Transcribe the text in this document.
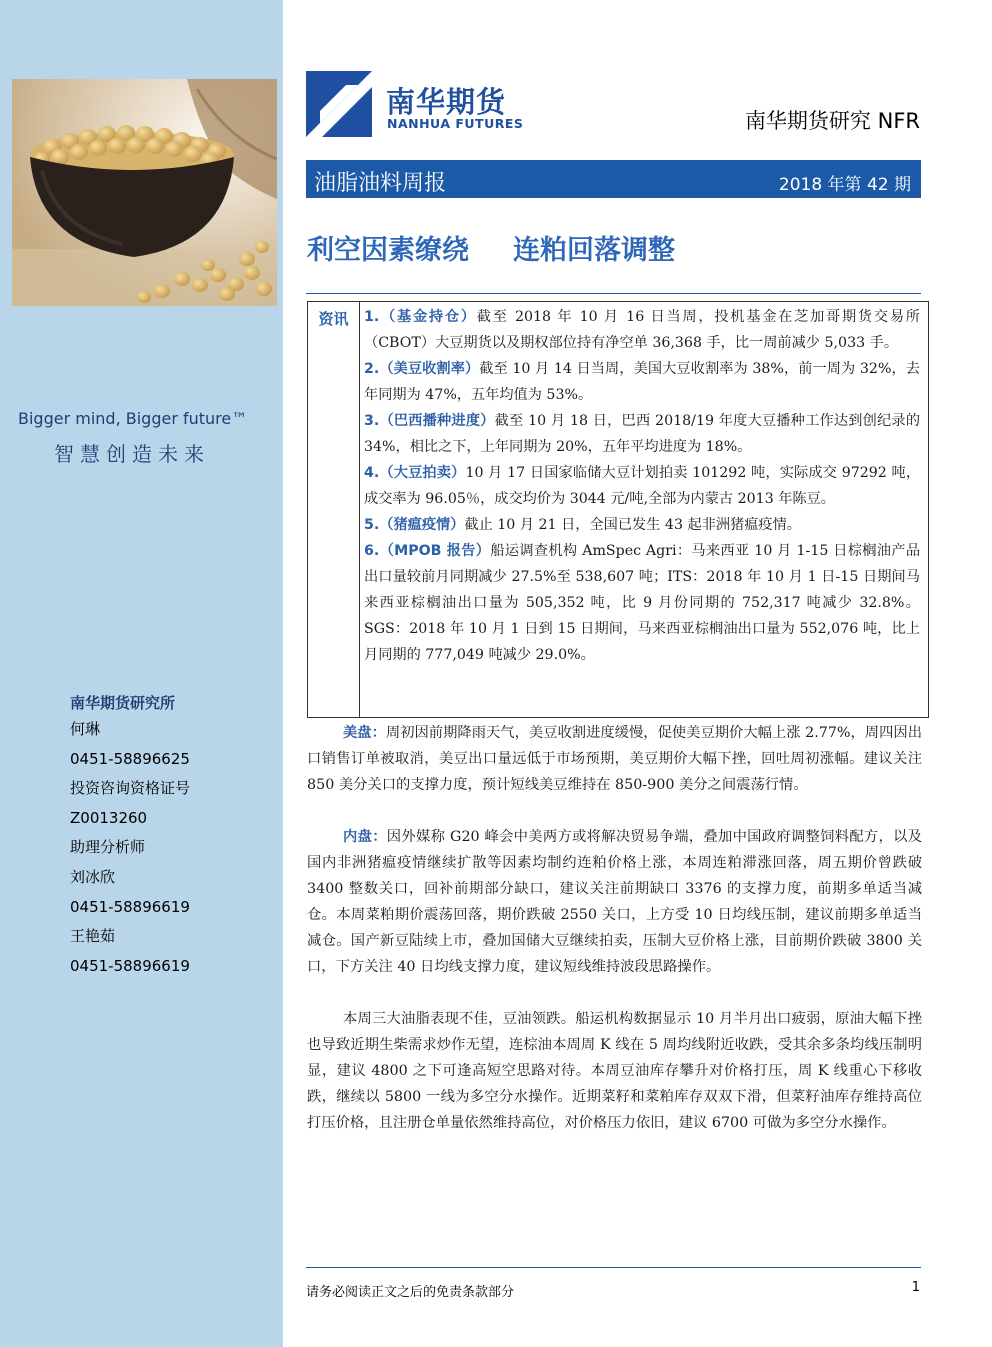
Bigger mind, Bigger future™
智慧创造未来
南华期货研究所
何琳
0451-58896625
投资咨询资格证号
Z0013260
助理分析师
刘冰欣
0451-58896619
王艳茹
0451-58896619
南华期货
NANHUA FUTURES	南华期货研究 NFR
油脂油料周报	2018 年第 42 期
利空因素缭绕 连粕回落调整
资讯	1.（基金持仓）截至 2018 年 10 月 16 日当周，投机基金在芝加哥期货交易所（CBOT）大豆期货以及期权部位持有净空单 36,368 手，比一周前减少 5,033 手。

2.（美豆收割率）截至 10 月 14 日当周，美国大豆收割率为 38%，前一周为 32%，去年同期为 47%，五年均值为 53%。

3.（巴西播种进度）截至 10 月 18 日，巴西 2018/19 年度大豆播种工作达到创纪录的 34%，相比之下，上年同期为 20%，五年平均进度为 18%。

4.（大豆拍卖）10 月 17 日国家临储大豆计划拍卖 101292 吨，实际成交 97292 吨，成交率为 96.05％，成交均价为 3044 元/吨,全部为内蒙古 2013 年陈豆。

5.（猪瘟疫情）截止 10 月 21 日，全国已发生 43 起非洲猪瘟疫情。

6.（MPOB 报告）船运调查机构 AmSpec Agri：马来西亚 10 月 1-15 日棕榈油产品出口量较前月同期减少 27.5%至 538,607 吨；ITS：2018 年 10 月 1 日-15 日期间马来西亚棕榈油出口量为 505,352 吨，比 9 月份同期的 752,317 吨减少 32.8%。SGS：2018 年 10 月 1 日到 15 日期间，马来西亚棕榈油出口量为 552,076 吨，比上月同期的 777,049 吨减少 29.0%。

美盘：周初因前期降雨天气，美豆收割进度缓慢，促使美豆期价大幅上涨 2.77%，周四因出口销售订单被取消，美豆出口量远低于市场预期，美豆期价大幅下挫，回吐周初涨幅。建议关注 850 美分关口的支撑力度，预计短线美豆维持在 850-900 美分之间震荡行情。

内盘：因外媒称 G20 峰会中美两方或将解决贸易争端，叠加中国政府调整饲料配方，以及国内非洲猪瘟疫情继续扩散等因素均制约连粕价格上涨，本周连粕滞涨回落，周五期价曾跌破 3400 整数关口，回补前期部分缺口，建议关注前期缺口 3376 的支撑力度，前期多单适当减仓。本周菜粕期价震荡回落，期价跌破 2550 关口，上方受 10 日均线压制，建议前期多单适当减仓。国产新豆陆续上市，叠加国储大豆继续拍卖，压制大豆价格上涨，目前期价跌破 3800 关口，下方关注 40 日均线支撑力度，建议短线维持波段思路操作。

本周三大油脂表现不佳，豆油领跌。船运机构数据显示 10 月半月出口疲弱，原油大幅下挫也导致近期生柴需求炒作无望，连棕油本周周 K 线在 5 周均线附近收跌，受其余多条均线压制明显，建议 4800 之下可逢高短空思路对待。本周豆油库存攀升对价格打压，周 K 线重心下移收跌，继续以 5800 一线为多空分水操作。近期菜籽和菜粕库存双双下滑，但菜籽油库存维持高位打压价格，且注册仓单量依然维持高位，对价格压力依旧，建议 6700 可做为多空分水操作。

请务必阅读正文之后的免责条款部分	1
